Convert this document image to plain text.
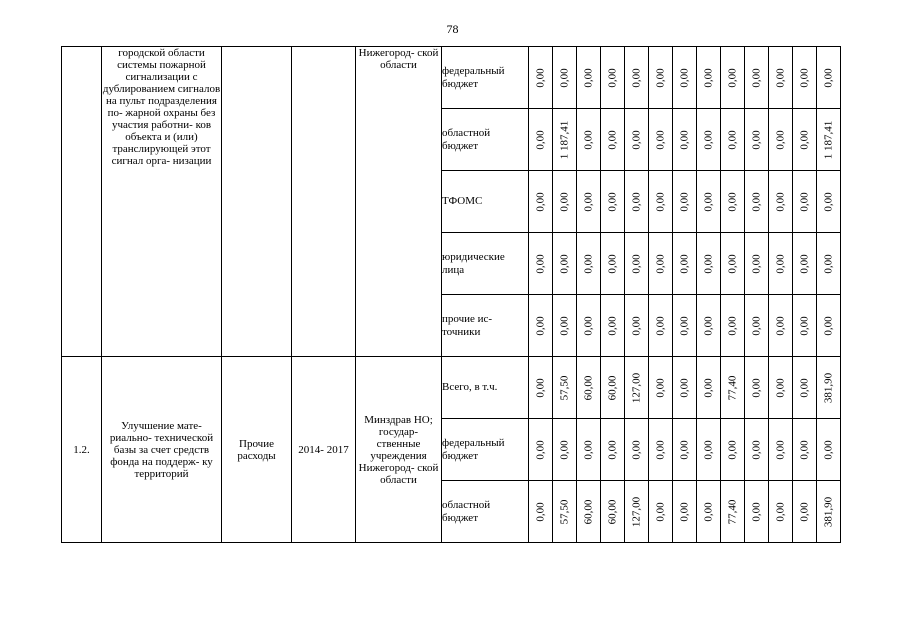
78
	городской области системы пожарной сигнализации с дублированием сигналов на пульт подразделения по- жарной охраны без участия работни- ков объекта и (или) транслирующей этот сигнал орга- низации			Нижегород- ской области	федеральный бюджет	0,00	0,00	0,00	0,00	0,00	0,00	0,00	0,00	0,00	0,00	0,00	0,00	0,00

					областной бюджет	0,00	1 187,41	0,00	0,00	0,00	0,00	0,00	0,00	0,00	0,00	0,00	0,00	1 187,41

					ТФОМС	0,00	0,00	0,00	0,00	0,00	0,00	0,00	0,00	0,00	0,00	0,00	0,00	0,00

					юридические лица	0,00	0,00	0,00	0,00	0,00	0,00	0,00	0,00	0,00	0,00	0,00	0,00	0,00

					прочие ис- точники	0,00	0,00	0,00	0,00	0,00	0,00	0,00	0,00	0,00	0,00	0,00	0,00	0,00

1.2.	Улучшение мате- риально- технической базы за счет средств фонда на поддерж- ку территорий	Прочие расходы	2014- 2017	Минздрав НО; государ- ственные учреждения Нижегород- ской области	Всего, в т.ч.	0,00	57,50	60,00	60,00	127,00	0,00	0,00	0,00	77,40	0,00	0,00	0,00	381,90

					федеральный бюджет	0,00	0,00	0,00	0,00	0,00	0,00	0,00	0,00	0,00	0,00	0,00	0,00	0,00

					областной бюджет	0,00	57,50	60,00	60,00	127,00	0,00	0,00	0,00	77,40	0,00	0,00	0,00	381,90
